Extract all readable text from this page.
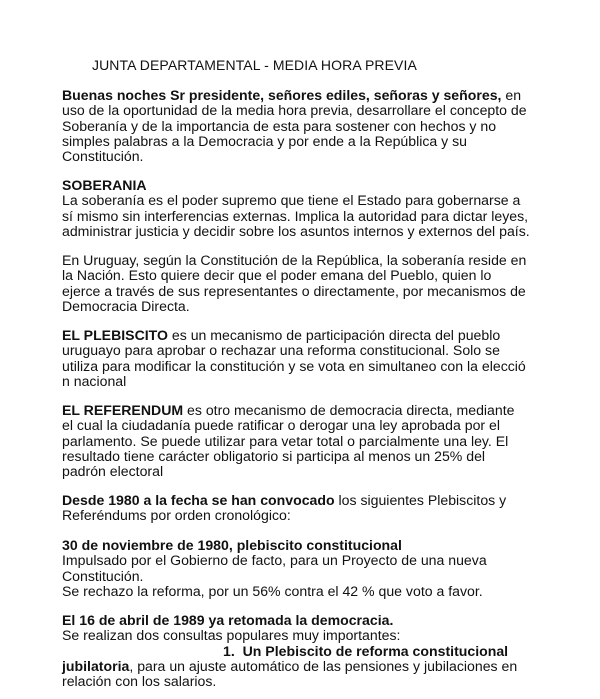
JUNTA DEPARTAMENTAL - MEDIA HORA PREVIA
Buenas noches Sr presidente, señores ediles, señoras y señores, en
uso de la oportunidad de la media hora previa, desarrollare el concepto de
Soberanía y de la importancia de esta para sostener con hechos y no
simples palabras a la Democracia y por ende a la República y su
Constitución.
SOBERANIA
La soberanía es el poder supremo que tiene el Estado para gobernarse a
sí mismo sin interferencias externas. Implica la autoridad para dictar leyes,
administrar justicia y decidir sobre los asuntos internos y externos del país.
En Uruguay, según la Constitución de la República, la soberanía reside en
la Nación. Esto quiere decir que el poder emana del Pueblo, quien lo
ejerce a través de sus representantes o directamente, por mecanismos de
Democracia Directa.
EL PLEBISCITO es un mecanismo de participación directa del pueblo
uruguayo para aprobar o rechazar una reforma constitucional. Solo se
utiliza para modificar la constitución y se vota en simultaneo con la elecció
n nacional
EL REFERENDUM es otro mecanismo de democracia directa, mediante
el cual la ciudadanía puede ratificar o derogar una ley aprobada por el
parlamento. Se puede utilizar para vetar total o parcialmente una ley. El
resultado tiene carácter obligatorio si participa al menos un 25% del
padrón electoral
Desde 1980 a la fecha se han convocado los siguientes Plebiscitos y
Referéndums por orden cronológico:
30 de noviembre de 1980, plebiscito constitucional
Impulsado por el Gobierno de facto, para un Proyecto de una nueva
Constitución.
Se rechazo la reforma, por un 56% contra el 42 % que voto a favor.
El 16 de abril de 1989 ya retomada la democracia.
Se realizan dos consultas populares muy importantes:
1. Un Plebiscito de reforma constitucional
jubilatoria, para un ajuste automático de las pensiones y jubilaciones en
relación con los salarios.
